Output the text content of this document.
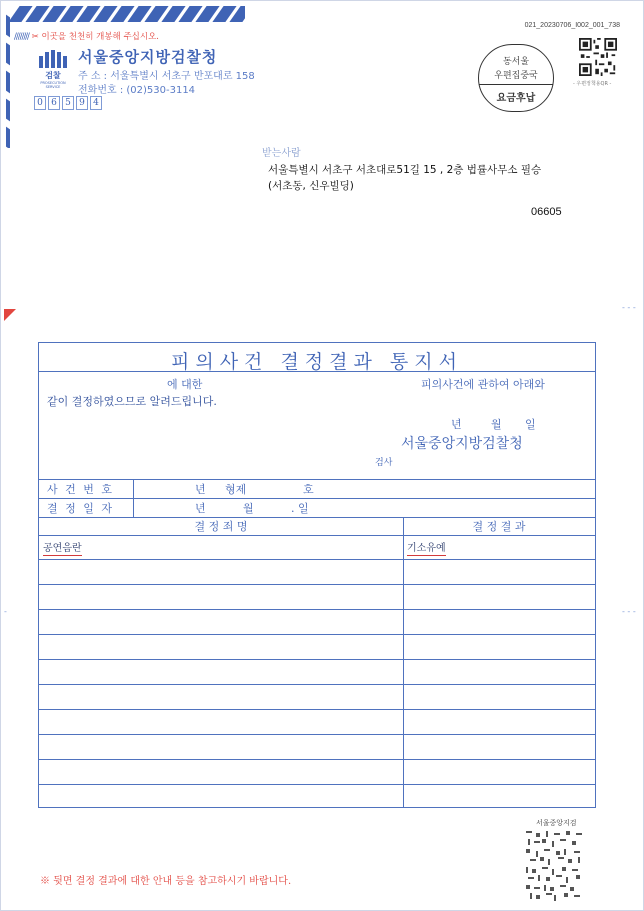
//////// ✂ 이곳을 천천히 개봉해 주십시오.
검찰
PROSECUTION SERVICE
서울중앙지방검찰청
주 소 : 서울특별시 서초구 반포대로 158
전화번호 : (02)530-3114
0 6 5 9 4
021_20230706_I002_001_738
동서울
우편집중국
요금후납
- 우편정책용QR -
받는사람
서울특별시 서초구 서초대로51길 15 , 2층 법률사무소 필승
(서초동, 신우빌딩)
06605
- - -
- - -
-
피의사건 결정결과 통지서
에 대한	피의사건에 관하여 아래와
같이 결정하였으므로 알려드립니다.
년	월 일
서울중앙지방검찰청
검사
사 건 번 호	년 형제	호
결 정 일 자	년	월	. 일
결 정 죄 명	결 정 결 과
공연음란	기소유예
서울중앙지검
※ 뒷면 결정 결과에 대한 안내 등을 참고하시기 바랍니다.
